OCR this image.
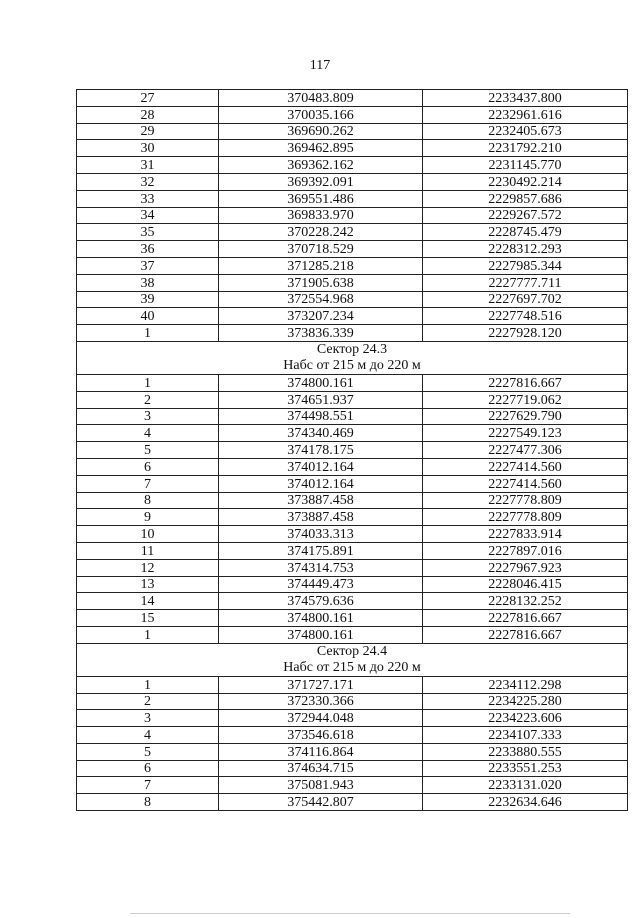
117
27	370483.809	2233437.800
28	370035.166	2232961.616
29	369690.262	2232405.673
30	369462.895	2231792.210
31	369362.162	2231145.770
32	369392.091	2230492.214
33	369551.486	2229857.686
34	369833.970	2229267.572
35	370228.242	2228745.479
36	370718.529	2228312.293
37	371285.218	2227985.344
38	371905.638	2227777.711
39	372554.968	2227697.702
40	373207.234	2227748.516
1	373836.339	2227928.120

Сектор 24.3
Набс от 215 м до 220 м		

1	374800.161	2227816.667
2	374651.937	2227719.062
3	374498.551	2227629.790
4	374340.469	2227549.123
5	374178.175	2227477.306
6	374012.164	2227414.560
7	374012.164	2227414.560
8	373887.458	2227778.809
9	373887.458	2227778.809
10	374033.313	2227833.914
11	374175.891	2227897.016
12	374314.753	2227967.923
13	374449.473	2228046.415
14	374579.636	2228132.252
15	374800.161	2227816.667
1	374800.161	2227816.667

Сектор 24.4
Набс от 215 м до 220 м		

1	371727.171	2234112.298
2	372330.366	2234225.280
3	372944.048	2234223.606
4	373546.618	2234107.333
5	374116.864	2233880.555
6	374634.715	2233551.253
7	375081.943	2233131.020
8	375442.807	2232634.646
